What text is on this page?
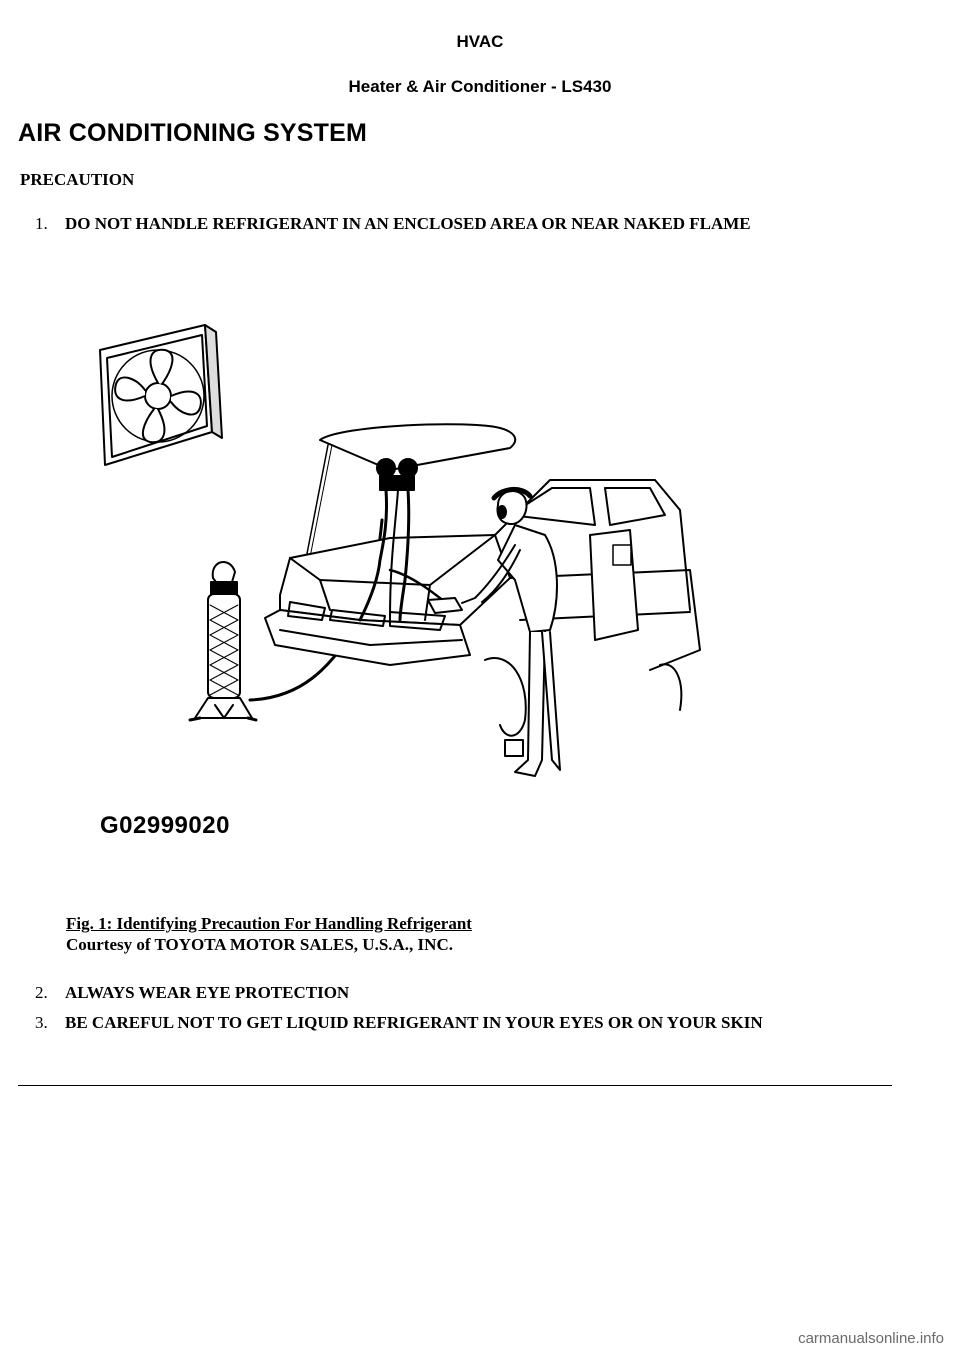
HVAC
Heater & Air Conditioner - LS430
AIR CONDITIONING SYSTEM
PRECAUTION
1.	DO NOT HANDLE REFRIGERANT IN AN ENCLOSED AREA OR NEAR NAKED FLAME
G02999020
Fig. 1: Identifying Precaution For Handling Refrigerant
Courtesy of TOYOTA MOTOR SALES, U.S.A., INC.
2.	ALWAYS WEAR EYE PROTECTION
3.	BE CAREFUL NOT TO GET LIQUID REFRIGERANT IN YOUR EYES OR ON YOUR SKIN
carmanualsonline.info
